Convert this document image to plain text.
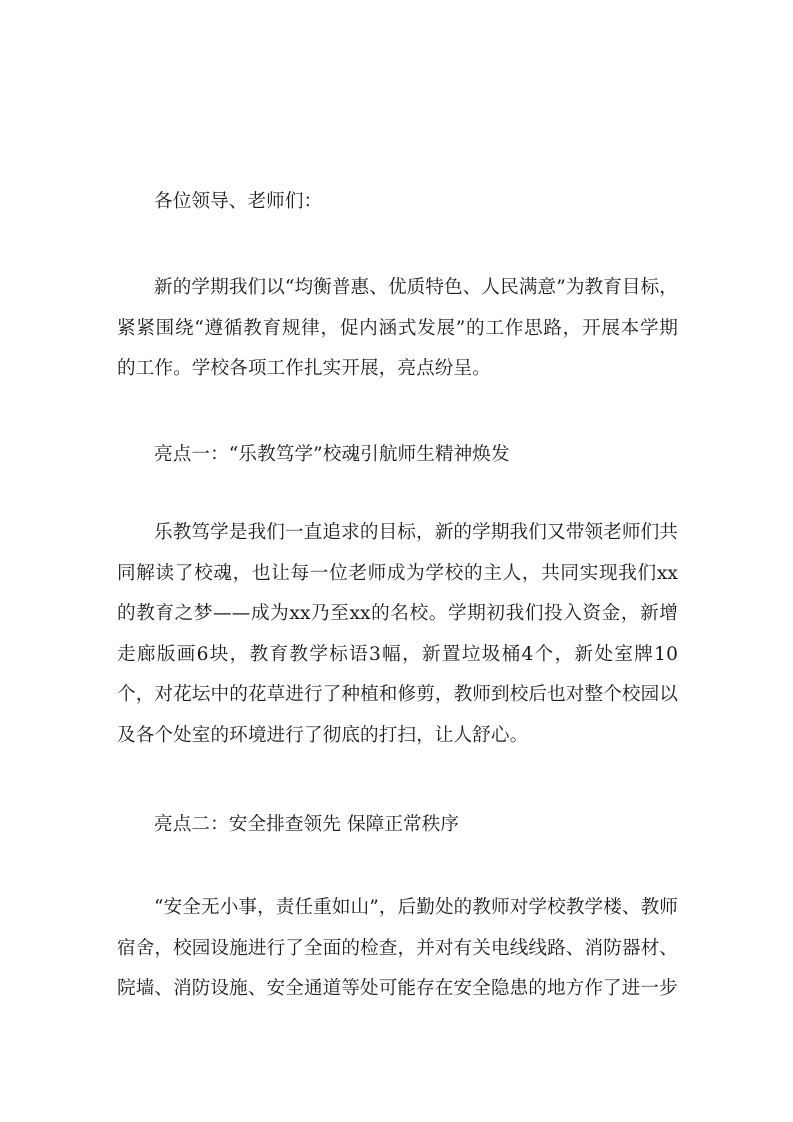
各位领导、老师们：

新的学期我们以“均衡普惠、优质特色、人民满意”为教育目标，紧紧围绕“遵循教育规律，促内涵式发展”的工作思路，开展本学期的工作。学校各项工作扎实开展，亮点纷呈。

亮点一：“乐教笃学”校魂引航师生精神焕发

乐教笃学是我们一直追求的目标，新的学期我们又带领老师们共同解读了校魂，也让每一位老师成为学校的主人，共同实现我们xx的教育之梦——成为xx乃至xx的名校。学期初我们投入资金，新增走廊版画6块，教育教学标语3幅，新置垃圾桶4个，新处室牌10个，对花坛中的花草进行了种植和修剪，教师到校后也对整个校园以及各个处室的环境进行了彻底的打扫，让人舒心。

亮点二：安全排查领先 保障正常秩序

“安全无小事，责任重如山”，后勤处的教师对学校教学楼、教师宿舍，校园设施进行了全面的检查，并对有关电线线路、消防器材、院墙、消防设施、安全通道等处可能存在安全隐患的地方作了进一步
